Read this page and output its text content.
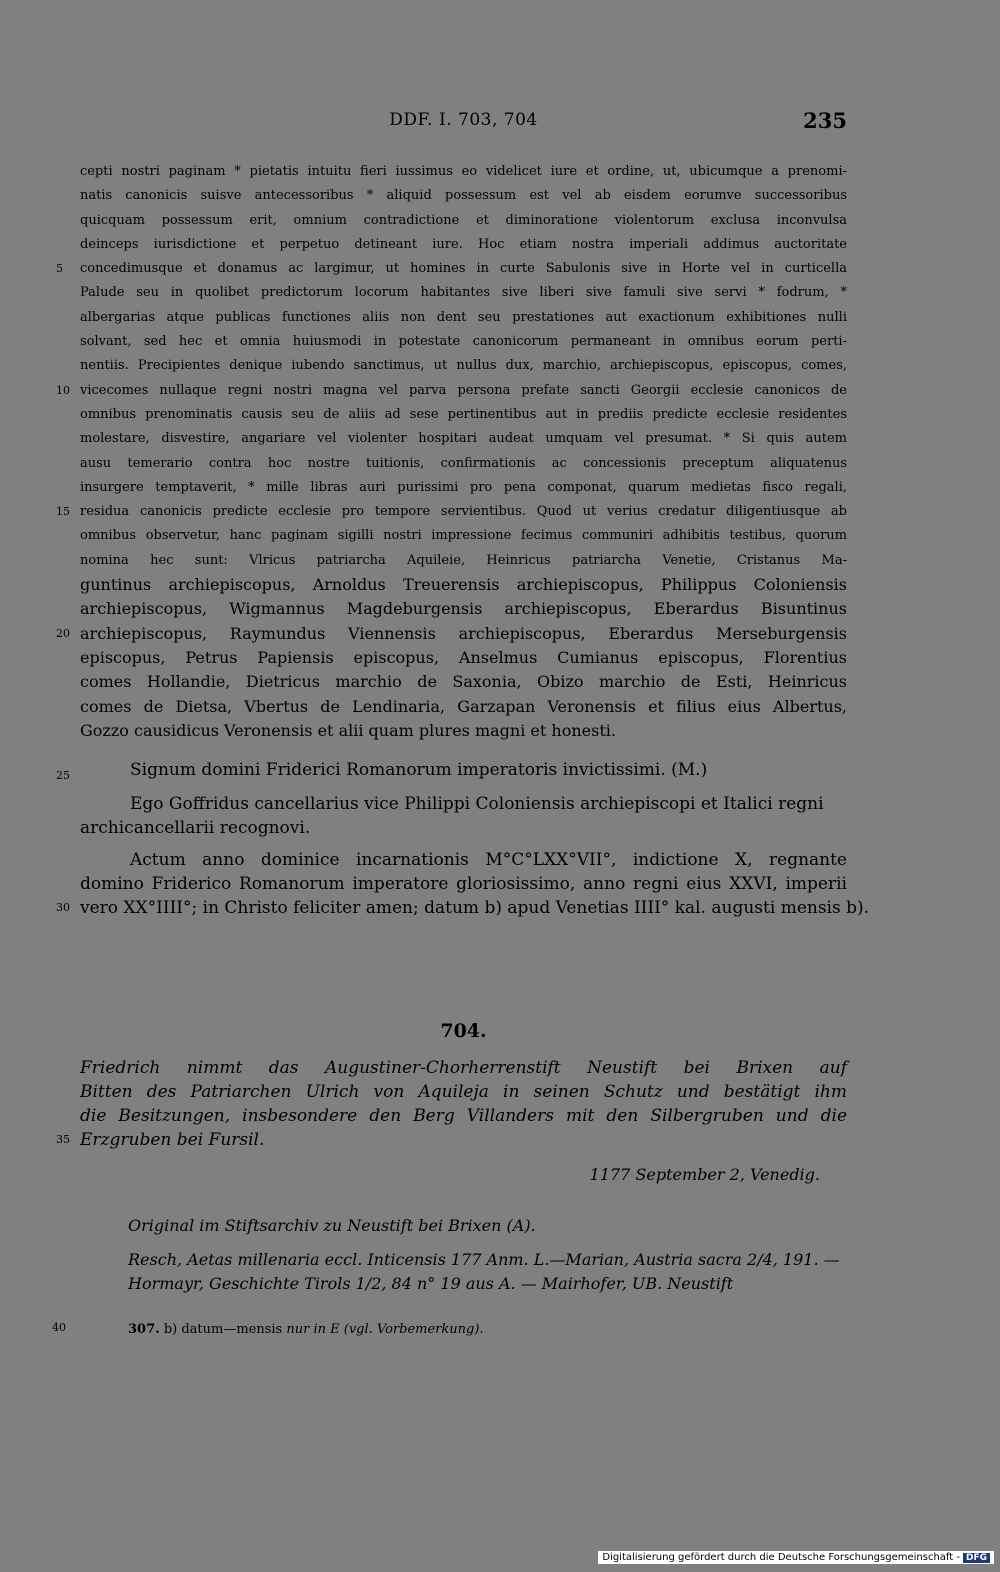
DDF. I. 703, 704	235
cepti nostri paginam * pietatis intuitu fieri iussimus eo videlicet iure et ordine, ut, ubicumque a prenomi-
natis canonicis suisve antecessoribus * aliquid possessum est vel ab eisdem eorumve successoribus
quicquam possessum erit, omnium contradictione et diminoratione violentorum exclusa inconvulsa
deinceps iurisdictione et perpetuo detineant iure. Hoc etiam nostra imperiali addimus auctoritate
5	concedimusque et donamus ac largimur, ut homines in curte Sabulonis sive in Horte vel in curticella
Palude seu in quolibet predictorum locorum habitantes sive liberi sive famuli sive servi * fodrum, *
albergarias atque publicas functiones aliis non dent seu prestationes aut exactionum exhibitiones nulli
solvant, sed hec et omnia huiusmodi in potestate canonicorum permaneant in omnibus eorum perti-
nentiis. Precipientes denique iubendo sanctimus, ut nullus dux, marchio, archiepiscopus, episcopus, comes,
10 vicecomes nullaque regni nostri magna vel parva persona prefate sancti Georgii ecclesie canonicos de
omnibus prenominatis causis seu de aliis ad sese pertinentibus aut in prediis predicte ecclesie residentes
molestare, disvestire, angariare vel violenter hospitari audeat umquam vel presumat. * Si quis autem
ausu temerario contra hoc nostre tuitionis, confirmationis ac concessionis preceptum aliquatenus
insurgere temptaverit, * mille libras auri purissimi pro pena componat, quarum medietas fisco regali,
15 residua canonicis predicte ecclesie pro tempore servientibus. Quod ut verius credatur diligentiusque ab
omnibus observetur, hanc paginam sigilli nostri impressione fecimus communiri adhibitis testibus, quorum
nomina hec sunt: Vlricus patriarcha Aquileie, Heinricus patriarcha Venetie, Cristanus Ma-
guntinus archiepiscopus, Arnoldus Treuerensis archiepiscopus, Philippus Coloniensis
archiepiscopus, Wigmannus Magdeburgensis archiepiscopus, Eberardus Bisuntinus
20 archiepiscopus, Raymundus Viennensis archiepiscopus, Eberardus Merseburgensis
episcopus, Petrus Papiensis episcopus, Anselmus Cumianus episcopus, Florentius
comes Hollandie, Dietricus marchio de Saxonia, Obizo marchio de Esti, Heinricus
comes de Dietsa, Vbertus de Lendinaria, Garzapan Veronensis et filius eius Albertus,
Gozzo causidicus Veronensis et alii quam plures magni et honesti.
25	Signum domini Friderici Romanorum imperatoris invictissimi. (M.)
Ego Goffridus cancellarius vice Philippi Coloniensis archiepiscopi et Italici regni archicancellarii recognovi.
Actum anno dominice incarnationis M°C°LXX°VII°, indictione X, regnante
domino Friderico Romanorum imperatore gloriosissimo, anno regni eius XXVI, imperii
30 vero XX°IIII°; in Christo feliciter amen; datum b) apud Venetias IIII° kal. augusti mensis b).
704.
Friedrich nimmt das Augustiner-Chorherrenstift Neustift bei Brixen auf
Bitten des Patriarchen Ulrich von Aquileja in seinen Schutz und bestätigt ihm
die Besitzungen, insbesondere den Berg Villanders mit den Silbergruben und die
35 Erzgruben bei Fursil.
1177 September 2, Venedig.

Original im Stiftsarchiv zu Neustift bei Brixen (A).

Resch, Aetas millenaria eccl. Inticensis 177 Anm. L.—Marian, Austria sacra 2/4, 191. — Hormayr, Geschichte Tirols 1/2, 84 n° 19 aus A. — Mairhofer, UB. Neustift

40	307. b) datum—mensis nur in E (vgl. Vorbemerkung).
Digitalisierung gefördert durch die Deutsche Forschungsgemeinschaft - DFG
